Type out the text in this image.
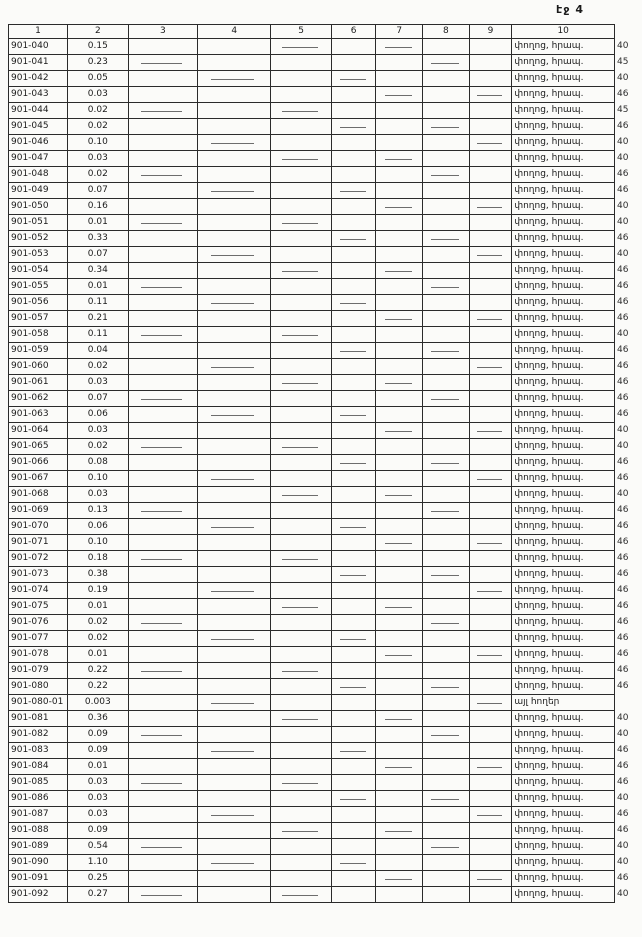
էջ 4
1	2	3	4	5	6	7	8	9	10	
901-040	0.15								փողոց, հրապ.	40
901-041	0.23								փողոց, հրապ.	45
901-042	0.05								փողոց, հրապ.	40
901-043	0.03								փողոց, հրապ.	46
901-044	0.02								փողոց, հրապ.	45
901-045	0.02								փողոց, հրապ.	46
901-046	0.10								փողոց, հրապ.	40
901-047	0.03								փողոց, հրապ.	40
901-048	0.02								փողոց, հրապ.	46
901-049	0.07								փողոց, հրապ.	46
901-050	0.16								փողոց, հրապ.	40
901-051	0.01								փողոց, հրապ.	40
901-052	0.33								փողոց, հրապ.	46
901-053	0.07								փողոց, հրապ.	40
901-054	0.34								փողոց, հրապ.	46
901-055	0.01								փողոց, հրապ.	46
901-056	0.11								փողոց, հրապ.	46
901-057	0.21								փողոց, հրապ.	46
901-058	0.11								փողոց, հրապ.	40
901-059	0.04								փողոց, հրապ.	46
901-060	0.02								փողոց, հրապ.	46
901-061	0.03								փողոց, հրապ.	46
901-062	0.07								փողոց, հրապ.	46
901-063	0.06								փողոց, հրապ.	46
901-064	0.03								փողոց, հրապ.	40
901-065	0.02								փողոց, հրապ.	40
901-066	0.08								փողոց, հրապ.	46
901-067	0.10								փողոց, հրապ.	46
901-068	0.03								փողոց, հրապ.	40
901-069	0.13								փողոց, հրապ.	46
901-070	0.06								փողոց, հրապ.	46
901-071	0.10								փողոց, հրապ.	46
901-072	0.18								փողոց, հրապ.	46
901-073	0.38								փողոց, հրապ.	46
901-074	0.19								փողոց, հրապ.	46
901-075	0.01								փողոց, հրապ.	46
901-076	0.02								փողոց, հրապ.	46
901-077	0.02								փողոց, հրապ.	46
901-078	0.01								փողոց, հրապ.	46
901-079	0.22								փողոց, հրապ.	46
901-080	0.22								փողոց, հրապ.	46
901-080-01	0.003								այլ հողեր	
901-081	0.36								փողոց, հրապ.	40
901-082	0.09								փողոց, հրապ.	40
901-083	0.09								փողոց, հրապ.	46
901-084	0.01								փողոց, հրապ.	46
901-085	0.03								փողոց, հրապ.	46
901-086	0.03								փողոց, հրապ.	40
901-087	0.03								փողոց, հրապ.	46
901-088	0.09								փողոց, հրապ.	46
901-089	0.54								փողոց, հրապ.	40
901-090	1.10								փողոց, հրապ.	40
901-091	0.25								փողոց, հրապ.	46
901-092	0.27								փողոց, հրապ.	40
